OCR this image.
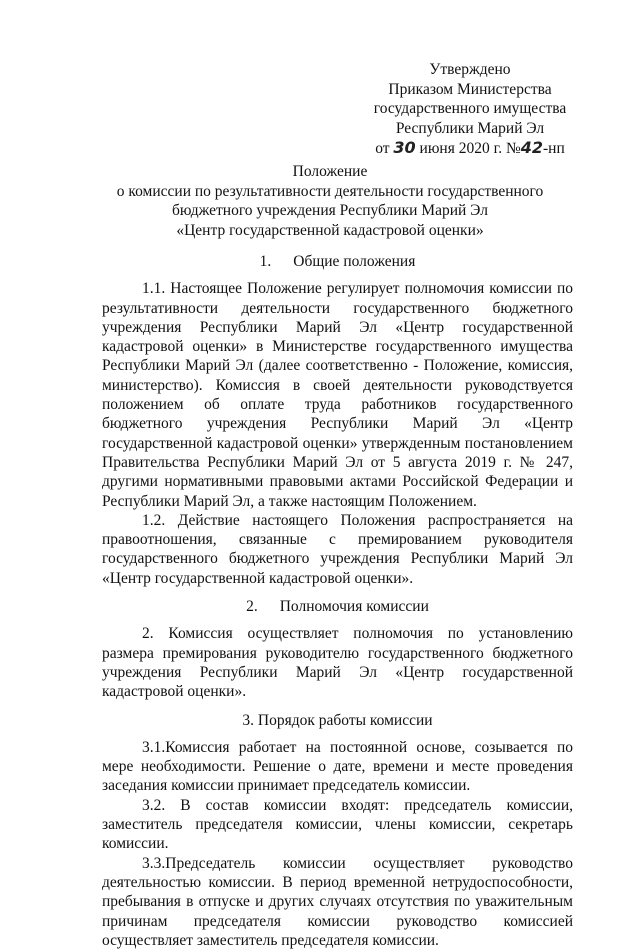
Утверждено
Приказом Министерства
государственного имущества
Республики Марий Эл
от 30 июня 2020 г. №42-нп
Положение
о комиссии по результативности деятельности государственного
бюджетного учреждения Республики Марий Эл
«Центр государственной кадастровой оценки»
1. Общие положения

1.1. Настоящее Положение регулирует полномочия комиссии по результативности деятельности государственного бюджетного учреждения Республики Марий Эл «Центр государственной кадастровой оценки» в Министерстве государственного имущества Республики Марий Эл (далее соответственно - Положение, комиссия, министерство). Комиссия в своей деятельности руководствуется положением об оплате труда работников государственного бюджетного учреждения Республики Марий Эл «Центр государственной кадастровой оценки» утвержденным постановлением Правительства Республики Марий Эл от 5 августа 2019 г. № 247, другими нормативными правовыми актами Российской Федерации и Республики Марий Эл, а также настоящим Положением.

1.2. Действие настоящего Положения распространяется на правоотношения, связанные с премированием руководителя государственного бюджетного учреждения Республики Марий Эл «Центр государственной кадастровой оценки».

2. Полномочия комиссии

2. Комиссия осуществляет полномочия по установлению размера премирования руководителю государственного бюджетного учреждения Республики Марий Эл «Центр государственной кадастровой оценки».

3. Порядок работы комиссии

3.1.Комиссия работает на постоянной основе, созывается по мере необходимости. Решение о дате, времени и месте проведения заседания комиссии принимает председатель комиссии.

3.2. В состав комиссии входят: председатель комиссии, заместитель председателя комиссии, члены комиссии, секретарь комиссии.

3.3.Председатель комиссии осуществляет руководство деятельностью комиссии. В период временной нетрудоспособности, пребывания в отпуске и других случаях отсутствия по уважительным причинам председателя комиссии руководство комиссией осуществляет заместитель председателя комиссии.
